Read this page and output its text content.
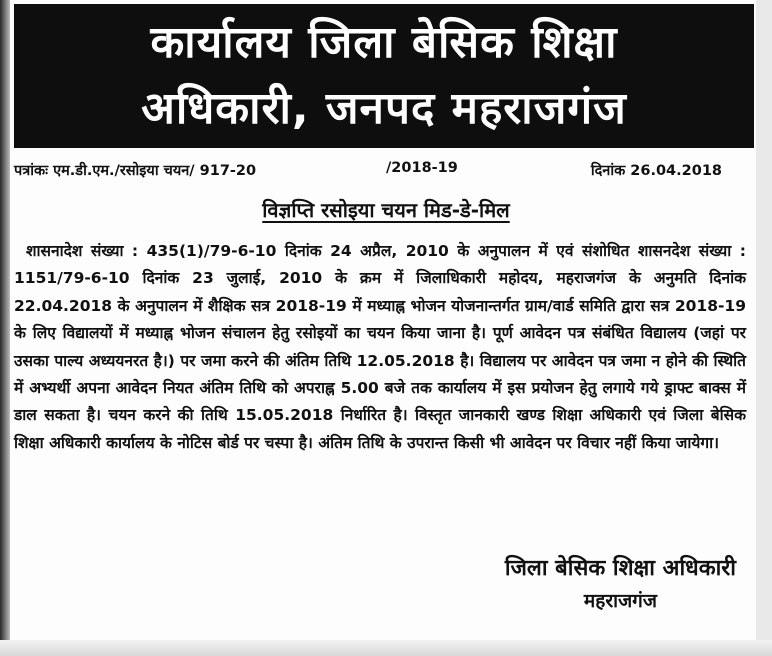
कार्यालय जिला बेसिक शिक्षा
अधिकारी, जनपद महराजगंज
पत्रांकः एम.डी.एम./रसोइया चयन/ 917-20	/2018-19	दिनांक 26.04.2018
विज्ञप्ति रसोइया चयन मिड-डे-मिल
शासनादेश संख्या : 435(1)/79-6-10 दिनांक 24 अप्रैल, 2010 के अनुपालन में एवं संशोधित शासनदेश संख्या : 1151/79-6-10 दिनांक 23 जुलाई, 2010 के क्रम में जिलाधिकारी महोदय, महराजगंज के अनुमति दिनांक 22.04.2018 के अनुपालन में शैक्षिक सत्र 2018-19 में मध्याह्न भोजन योजनान्तर्गत ग्राम/वार्ड समिति द्वारा सत्र 2018-19 के लिए विद्यालयों में मध्याह्न भोजन संचालन हेतु रसोइयों का चयन किया जाना है। पूर्ण आवेदन पत्र संबंधित विद्यालय (जहां पर उसका पाल्य अध्ययनरत है।) पर जमा करने की अंतिम तिथि 12.05.2018 है। विद्यालय पर आवेदन पत्र जमा न होने की स्थिति में अभ्यर्थी अपना आवेदन नियत अंतिम तिथि को अपराह्न 5.00 बजे तक कार्यालय में इस प्रयोजन हेतु लगाये गये ड्राफ्ट बाक्स में डाल सकता है। चयन करने की तिथि 15.05.2018 निर्धारित है। विस्तृत जानकारी खण्ड शिक्षा अधिकारी एवं जिला बेसिक शिक्षा अधिकारी कार्यालय के नोटिस बोर्ड पर चस्पा है। अंतिम तिथि के उपरान्त किसी भी आवेदन पर विचार नहीं किया जायेगा।
जिला बेसिक शिक्षा अधिकारी
महराजगंज
